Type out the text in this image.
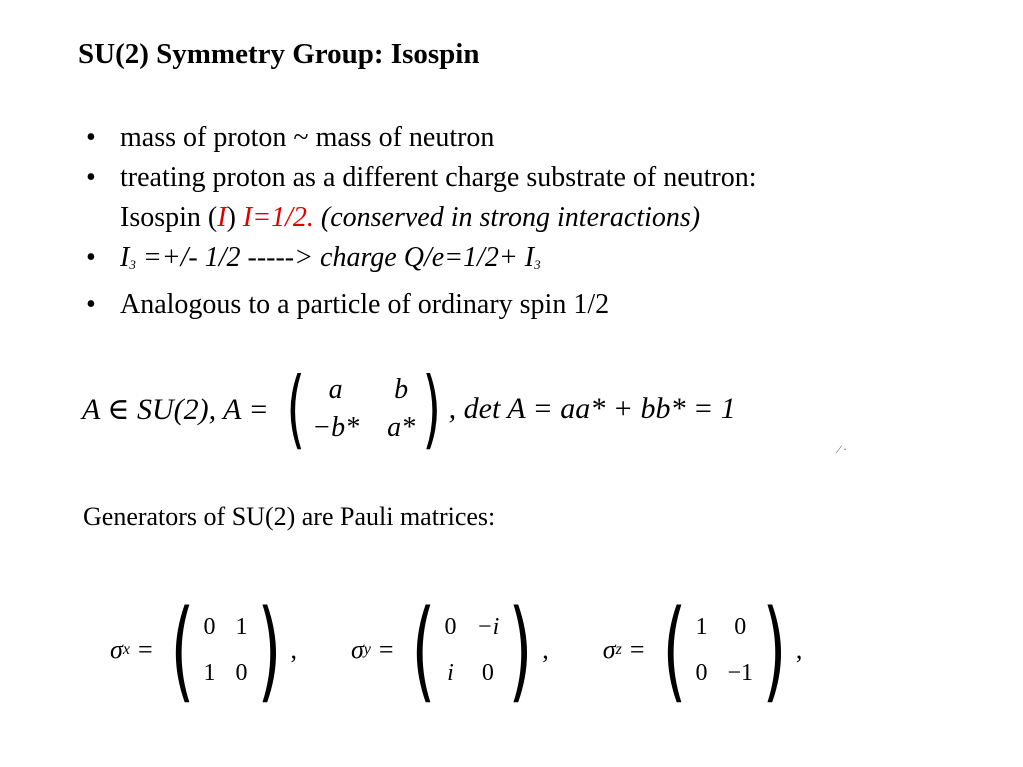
SU(2) Symmetry Group: Isospin
• mass of proton ~ mass of neutron
• treating proton as a different charge substrate of neutron:
Isospin (I) I=1/2. (conserved in strong interactions)
• $I_3$ =+/- 1/2 -----> charge $Q/e=1/2+ I_3$
• Analogous to a particle of ordinary spin 1/2
A ∈ SU(2), A = ( a	b
−b* a* ) , det A = aa* + bb* = 1
⁄ ·
Generators of SU(2) are Pauli matrices:
σ x = ( 0 1
1 0 ) , σ y = ( 0 −i
i 0 ) , σ z = ( 1 0
0 −1 ) ,
